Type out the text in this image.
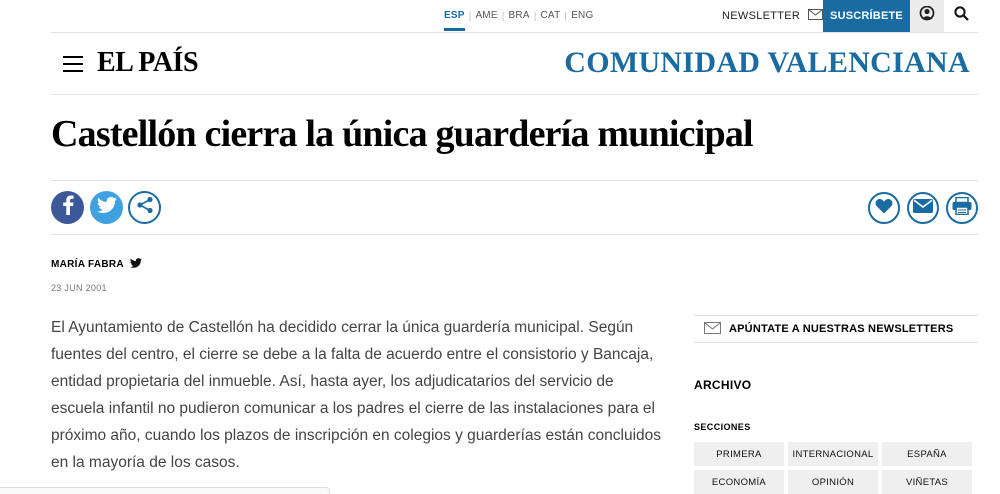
ESP | AME | BRA | CAT | ENG	NEWSLETTER	SUSCRÍBETE
EL PAÍS	COMUNIDAD VALENCIANA
Castellón cierra la única guardería municipal
MARÍA FABRA
23 JUN 2001

El Ayuntamiento de Castellón ha decidido cerrar la única guardería municipal. Según fuentes del centro, el cierre se debe a la falta de acuerdo entre el consistorio y Bancaja, entidad propietaria del inmueble. Así, hasta ayer, los adjudicatarios del servicio de escuela infantil no pudieron comunicar a los padres el cierre de las instalaciones para el próximo año, cuando los plazos de inscripción en colegios y guarderías están concluidos en la mayoría de los casos.

APÚNTATE A NUESTRAS NEWSLETTERS
ARCHIVO
SECCIONES
PRIMERA	INTERNACIONAL	ESPAÑA
ECONOMÍA	OPINIÓN	VIÑETAS
